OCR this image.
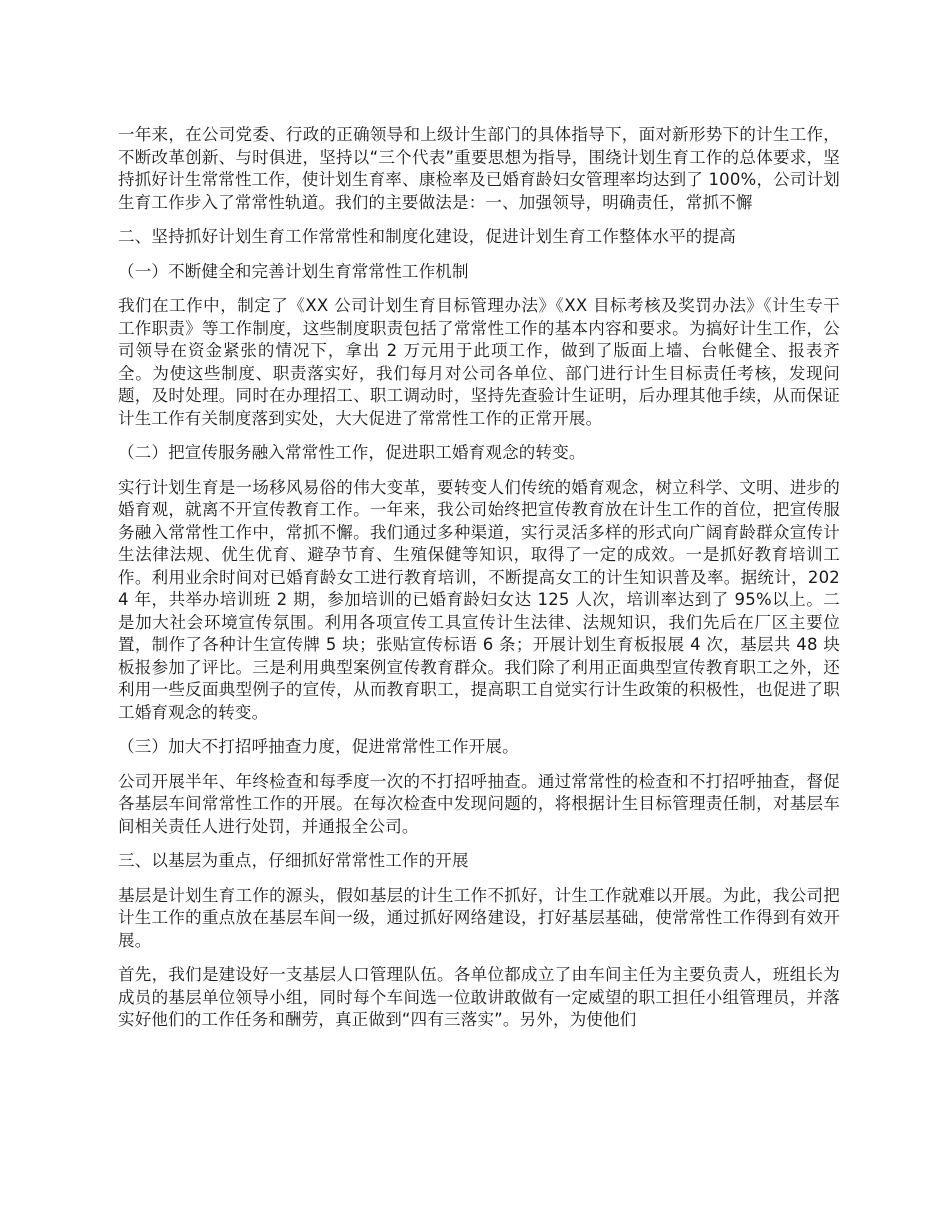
一年来，在公司党委、行政的正确领导和上级计生部门的具体指导下，面对新形势下的计生工作，不断改革创新、与时俱进，坚持以“三个代表”重要思想为指导，围绕计划生育工作的总体要求，坚持抓好计生常常性工作，使计划生育率、康检率及已婚育龄妇女管理率均达到了 100%，公司计划生育工作步入了常常性轨道。我们的主要做法是：一、加强领导，明确责任，常抓不懈

二、坚持抓好计划生育工作常常性和制度化建设，促进计划生育工作整体水平的提高

（一）不断健全和完善计划生育常常性工作机制

我们在工作中，制定了《XX 公司计划生育目标管理办法》《XX 目标考核及奖罚办法》《计生专干工作职责》等工作制度，这些制度职责包括了常常性工作的基本内容和要求。为搞好计生工作，公司领导在资金紧张的情况下，拿出 2 万元用于此项工作，做到了版面上墙、台帐健全、报表齐全。为使这些制度、职责落实好，我们每月对公司各单位、部门进行计生目标责任考核，发现问题，及时处理。同时在办理招工、职工调动时，坚持先查验计生证明，后办理其他手续，从而保证计生工作有关制度落到实处，大大促进了常常性工作的正常开展。

（二）把宣传服务融入常常性工作，促进职工婚育观念的转变。

实行计划生育是一场移风易俗的伟大变革，要转变人们传统的婚育观念，树立科学、文明、进步的婚育观，就离不开宣传教育工作。一年来，我公司始终把宣传教育放在计生工作的首位，把宣传服务融入常常性工作中，常抓不懈。我们通过多种渠道，实行灵活多样的形式向广阔育龄群众宣传计生法律法规、优生优育、避孕节育、生殖保健等知识，取得了一定的成效。一是抓好教育培训工作。利用业余时间对已婚育龄女工进行教育培训，不断提高女工的计生知识普及率。据统计，2024 年，共举办培训班 2 期，参加培训的已婚育龄妇女达 125 人次，培训率达到了 95%以上。二是加大社会环境宣传氛围。利用各项宣传工具宣传计生法律、法规知识，我们先后在厂区主要位置，制作了各种计生宣传牌 5 块；张贴宣传标语 6 条；开展计划生育板报展 4 次，基层共 48 块板报参加了评比。三是利用典型案例宣传教育群众。我们除了利用正面典型宣传教育职工之外，还利用一些反面典型例子的宣传，从而教育职工，提高职工自觉实行计生政策的积极性，也促进了职工婚育观念的转变。

（三）加大不打招呼抽查力度，促进常常性工作开展。

公司开展半年、年终检查和每季度一次的不打招呼抽查。通过常常性的检查和不打招呼抽查，督促各基层车间常常性工作的开展。在每次检查中发现问题的，将根据计生目标管理责任制，对基层车间相关责任人进行处罚，并通报全公司。

三、以基层为重点，仔细抓好常常性工作的开展

基层是计划生育工作的源头，假如基层的计生工作不抓好，计生工作就难以开展。为此，我公司把计生工作的重点放在基层车间一级，通过抓好网络建设，打好基层基础，使常常性工作得到有效开展。

首先，我们是建设好一支基层人口管理队伍。各单位都成立了由车间主任为主要负责人，班组长为成员的基层单位领导小组，同时每个车间选一位敢讲敢做有一定威望的职工担任小组管理员，并落实好他们的工作任务和酬劳，真正做到“四有三落实”。另外，为使他们
